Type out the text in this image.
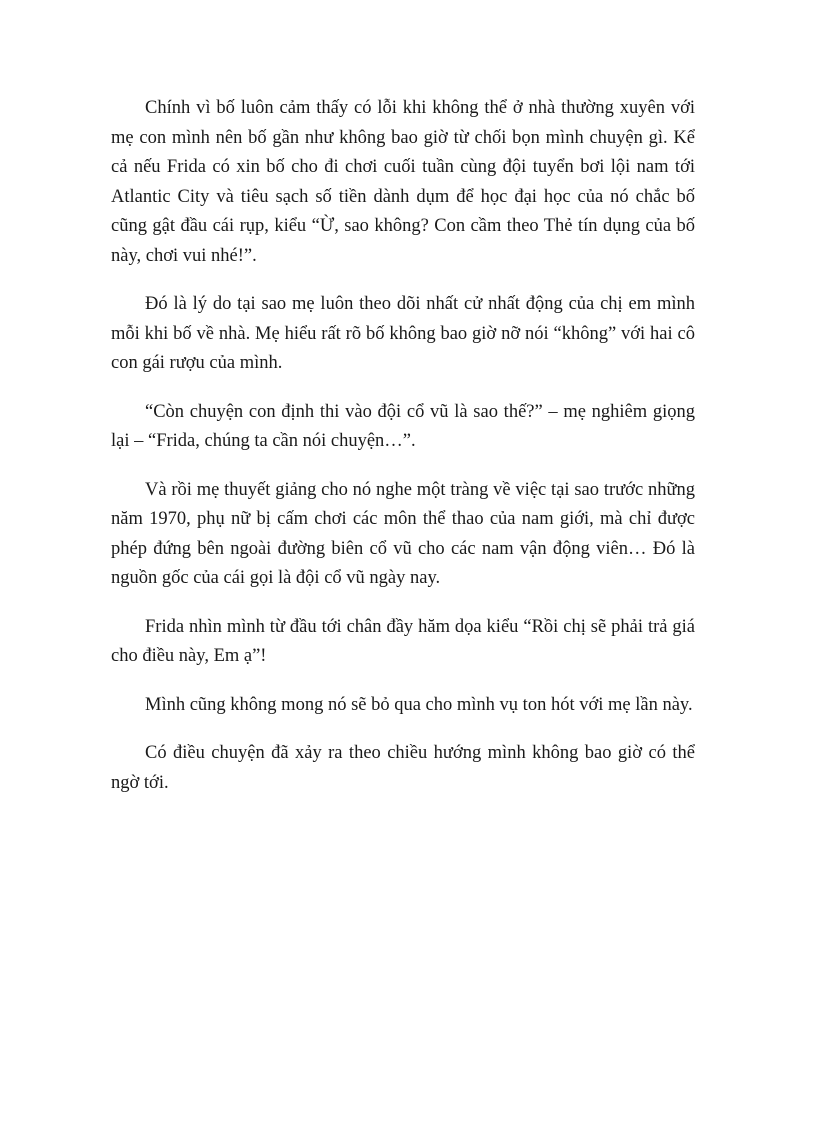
Chính vì bố luôn cảm thấy có lỗi khi không thể ở nhà thường xuyên với mẹ con mình nên bố gần như không bao giờ từ chối bọn mình chuyện gì. Kể cả nếu Frida có xin bố cho đi chơi cuối tuần cùng đội tuyển bơi lội nam tới Atlantic City và tiêu sạch số tiền dành dụm để học đại học của nó chắc bố cũng gật đầu cái rụp, kiểu “Ừ, sao không? Con cầm theo Thẻ tín dụng của bố này, chơi vui nhé!”.

Đó là lý do tại sao mẹ luôn theo dõi nhất cử nhất động của chị em mình mỗi khi bố về nhà. Mẹ hiểu rất rõ bố không bao giờ nỡ nói “không” với hai cô con gái rượu của mình.

“Còn chuyện con định thi vào đội cổ vũ là sao thế?” – mẹ nghiêm giọng lại – “Frida, chúng ta cần nói chuyện…”.

Và rồi mẹ thuyết giảng cho nó nghe một tràng về việc tại sao trước những năm 1970, phụ nữ bị cấm chơi các môn thể thao của nam giới, mà chỉ được phép đứng bên ngoài đường biên cổ vũ cho các nam vận động viên… Đó là nguồn gốc của cái gọi là đội cổ vũ ngày nay.

Frida nhìn mình từ đầu tới chân đầy hăm dọa kiểu “Rồi chị sẽ phải trả giá cho điều này, Em ạ”!

Mình cũng không mong nó sẽ bỏ qua cho mình vụ ton hót với mẹ lần này.

Có điều chuyện đã xảy ra theo chiều hướng mình không bao giờ có thể ngờ tới.
